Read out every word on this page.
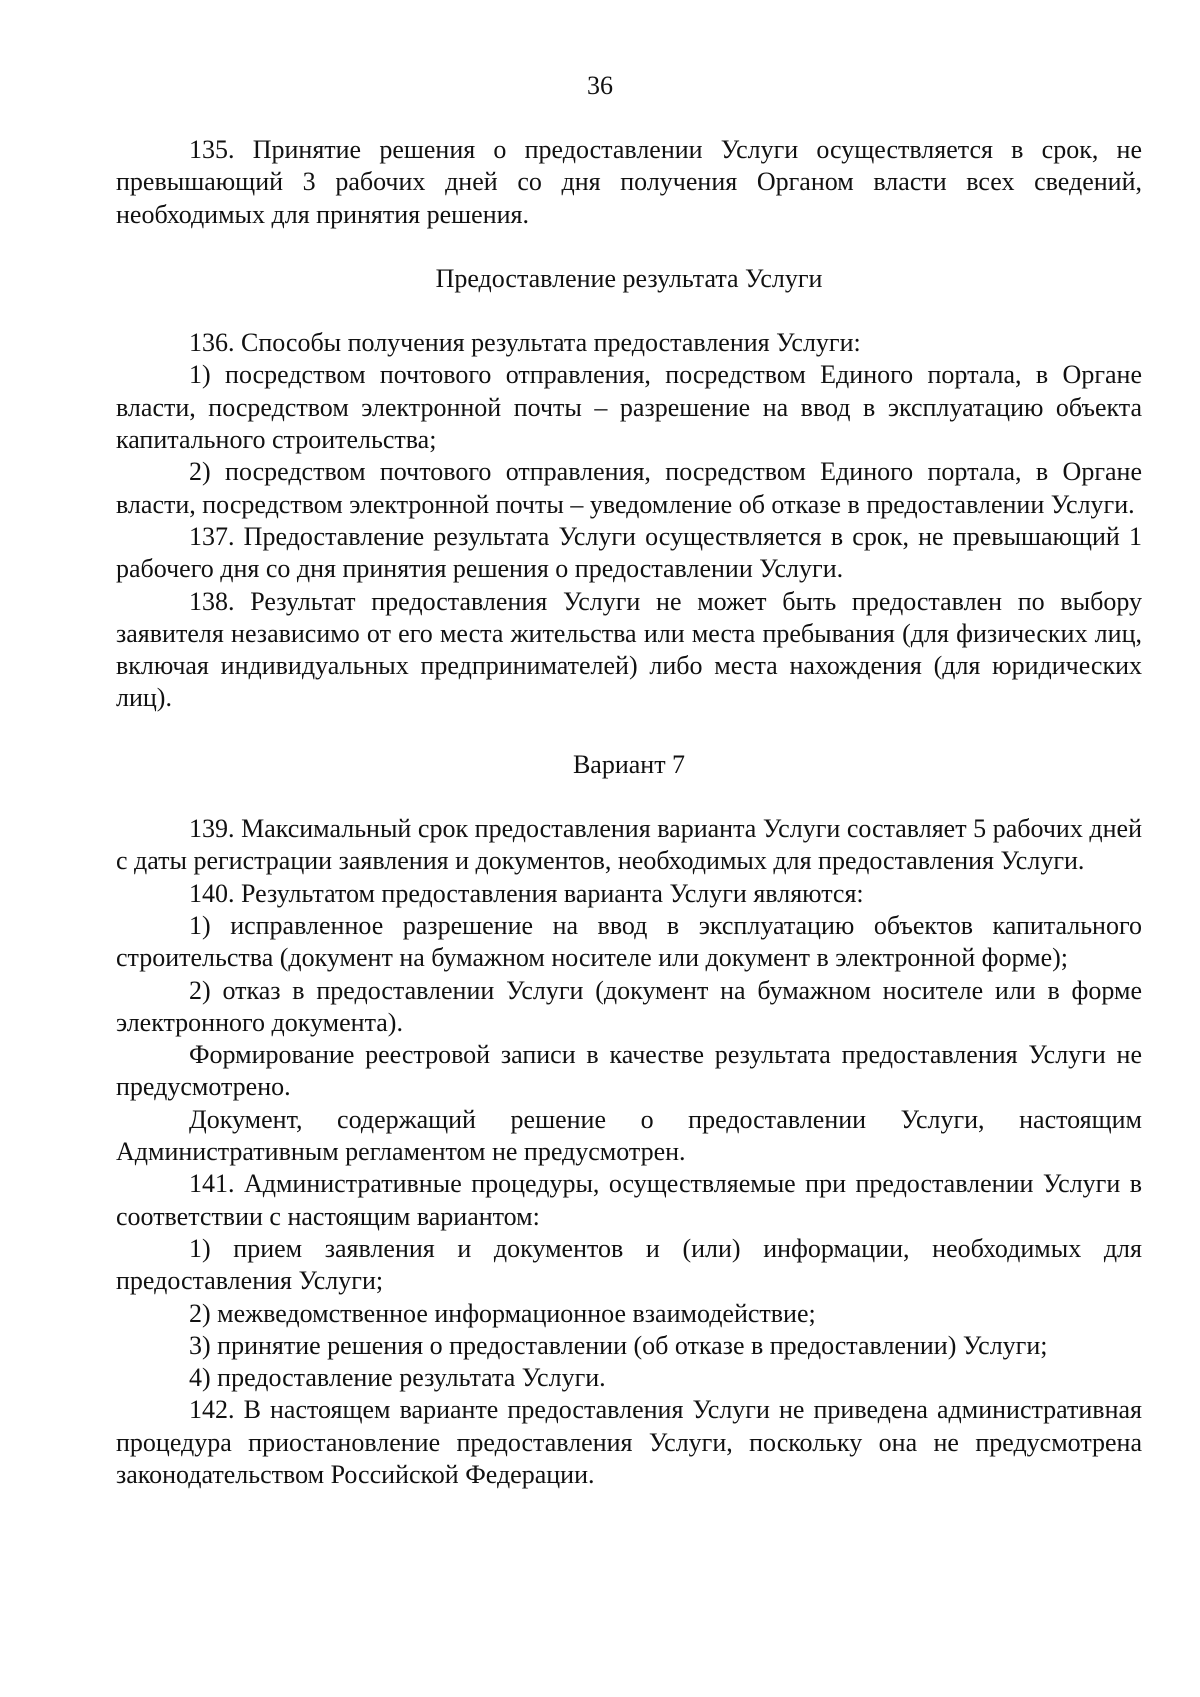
36

135. Принятие решения о предоставлении Услуги осуществляется в срок, не превышающий 3 рабочих дней со дня получения Органом власти всех сведений, необходимых для принятия решения.

Предоставление результата Услуги

136. Способы получения результата предоставления Услуги:

1) посредством почтового отправления, посредством Единого портала, в Органе власти, посредством электронной почты – разрешение на ввод в эксплуатацию объекта капитального строительства;

2) посредством почтового отправления, посредством Единого портала, в Органе власти, посредством электронной почты – уведомление об отказе в предоставлении Услуги.

137. Предоставление результата Услуги осуществляется в срок, не превышающий 1 рабочего дня со дня принятия решения о предоставлении Услуги.

138. Результат предоставления Услуги не может быть предоставлен по выбору заявителя независимо от его места жительства или места пребывания (для физических лиц, включая индивидуальных предпринимателей) либо места нахождения (для юридических лиц).

Вариант 7

139. Максимальный срок предоставления варианта Услуги составляет 5 рабочих дней с даты регистрации заявления и документов, необходимых для предоставления Услуги.

140. Результатом предоставления варианта Услуги являются:

1) исправленное разрешение на ввод в эксплуатацию объектов капитального строительства (документ на бумажном носителе или документ в электронной форме);

2) отказ в предоставлении Услуги (документ на бумажном носителе или в форме электронного документа).

Формирование реестровой записи в качестве результата предоставления Услуги не предусмотрено.

Документ, содержащий решение о предоставлении Услуги, настоящим Административным регламентом не предусмотрен.

141. Административные процедуры, осуществляемые при предоставлении Услуги в соответствии с настоящим вариантом:

1) прием заявления и документов и (или) информации, необходимых для предоставления Услуги;

2) межведомственное информационное взаимодействие;

3) принятие решения о предоставлении (об отказе в предоставлении) Услуги;

4) предоставление результата Услуги.

142. В настоящем варианте предоставления Услуги не приведена административная процедура приостановление предоставления Услуги, поскольку она не предусмотрена законодательством Российской Федерации.
